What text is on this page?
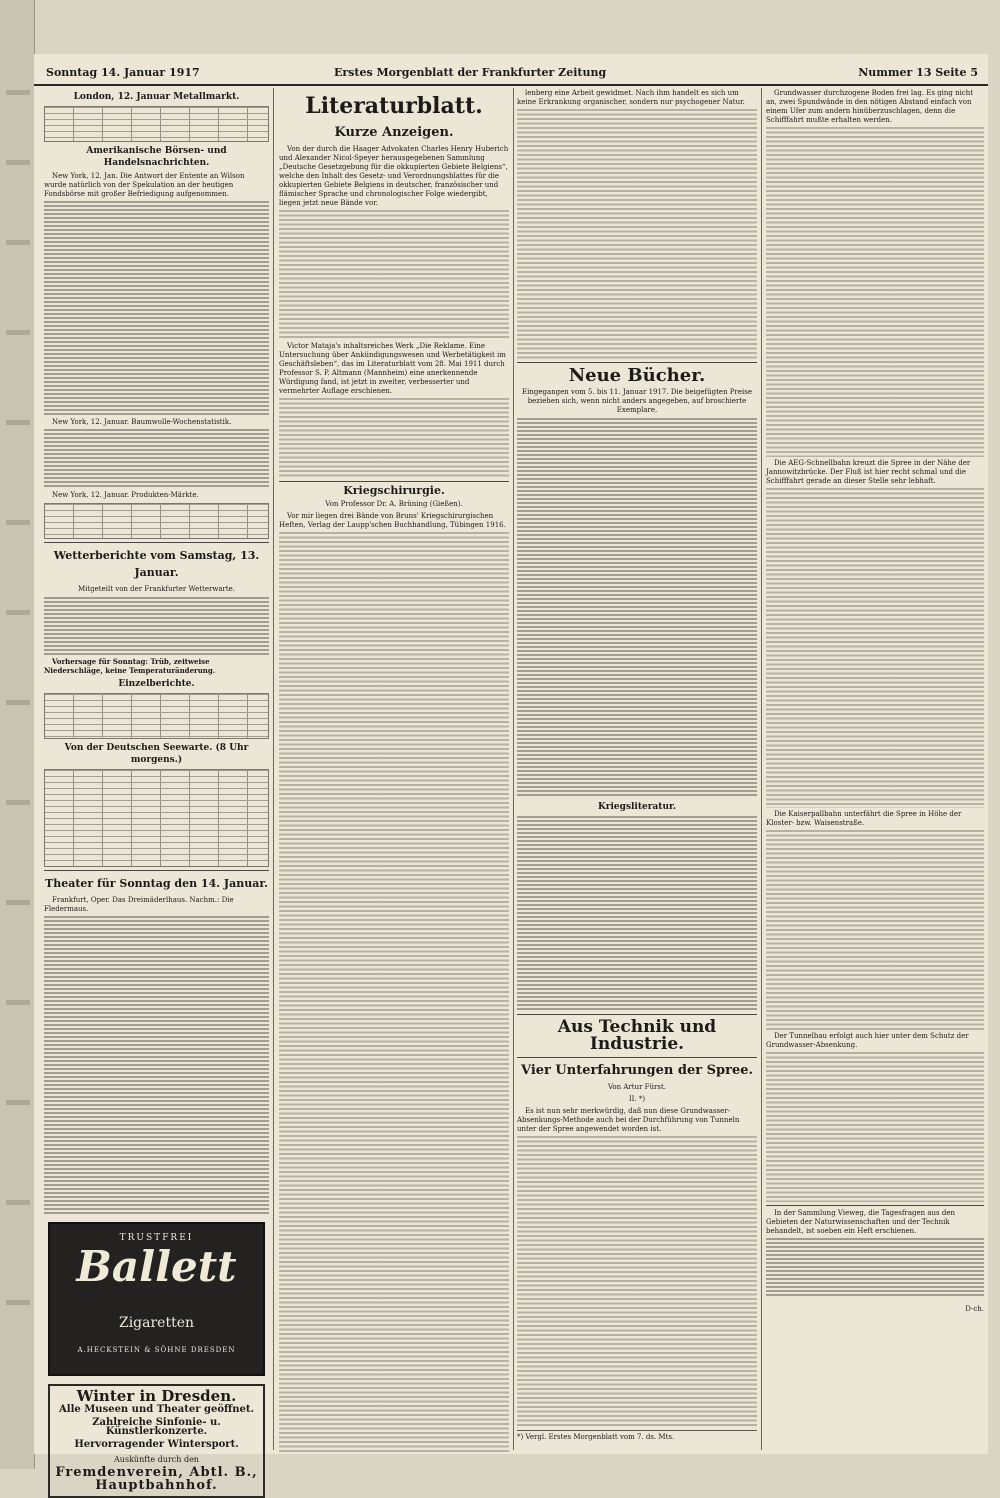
Sonntag 14. Januar 1917	Erstes Morgenblatt der Frankfurter Zeitung	Nummer 13 Seite 5
London, 12. Januar Metallmarkt.
Amerikanische Börsen- und Handelsnachrichten.

New York, 12. Jan. Die Antwort der Entente an Wilson wurde natürlich von der Spekulation an der heutigen Fondsbörse mit großer Befriedigung aufgenommen.

New York, 12. Januar. Baumwolle-Wochenstatistik.

New York, 12. Januar. Produkten-Märkte.

Wetterberichte vom Samstag, 13. Januar.

Mitgeteilt von der Frankfurter Wetterwarte.

Vorhersage für Sonntag: Trüb, zeitweise Niederschläge, keine Temperaturänderung.

Einzelberichte.
Von der Deutschen Seewarte. (8 Uhr morgens.)
Theater für Sonntag den 14. Januar.

Frankfurt, Oper. Das Dreimäderlhaus. Nachm.: Die Fledermaus.

TRUSTFREI
Ballett
Zigaretten
A.HECKSTEIN & SÖHNE DRESDEN
Winter in Dresden.
Alle Museen und Theater geöffnet.
Zahlreiche Sinfonie- u. Künstlerkonzerte.
Hervorragender Wintersport.
Auskünfte durch den
Fremdenverein, Abtl. B.,
Hauptbahnhof.
Literaturblatt.
Kurze Anzeigen.

Von der durch die Haager Advokaten Charles Henry Huberich und Alexander Nicol-Speyer herausgegebenen Sammlung „Deutsche Gesetzgebung für die okkupierten Gebiete Belgiens“, welche den Inhalt des Gesetz- und Verordnungsblattes für die okkupierten Gebiete Belgiens in deutscher, französischer und flämischer Sprache und chronologischer Folge wiedergibt, liegen jetzt neue Bände vor.

Victor Mataja's inhaltsreiches Werk „Die Reklame. Eine Untersuchung über Ankündigungswesen und Werbetätigkeit im Geschäftsleben“, das im Literaturblatt vom 28. Mai 1911 durch Professor S. P. Altmann (Mannheim) eine anerkennende Würdigung fand, ist jetzt in zweiter, verbesserter und vermehrter Auflage erschienen.

Kriegschirurgie.

Von Professor Dr. A. Brüning (Gießen).

Vor mir liegen drei Bände von Bruns' Kriegschirurgischen Heften, Verlag der Laupp'schen Buchhandlung, Tübingen 1916.

lenberg eine Arbeit gewidmet. Nach ihm handelt es sich um keine Erkrankung organischer, sondern nur psychogener Natur.

Neue Bücher.

Eingegangen vom 5. bis 11. Januar 1917. Die beigefügten Preise beziehen sich, wenn nicht anders angegeben, auf broschierte Exemplare.

Kriegsliteratur.
Aus Technik und Industrie.
Vier Unterfahrungen der Spree.

Von Artur Fürst.

II. *)

Es ist nun sehr merkwürdig, daß nun diese Grundwasser-Absenkungs-Methode auch bei der Durchführung von Tunneln unter der Spree angewendet worden ist.

*) Vergl. Erstes Morgenblatt vom 7. ds. Mts.

Grundwasser durchzogene Boden frei lag. Es ging nicht an, zwei Spundwände in den nötigen Abstand einfach von einem Ufer zum andern hinüberzuschlagen, denn die Schifffahrt mußte erhalten werden.

Die AEG-Schnellbahn kreuzt die Spree in der Nähe der Jannowitzbrücke. Der Fluß ist hier recht schmal und die Schifffahrt gerade an dieser Stelle sehr lebhaft.

Die Kaiserpallbahn unterfährt die Spree in Höhe der Kloster- bzw. Waisenstraße.

Der Tunnelbau erfolgt auch hier unter dem Schutz der Grundwasser-Absenkung.

In der Sammlung Vieweg, die Tagesfragen aus den Gebieten der Naturwissenschaften und der Technik behandelt, ist soeben ein Heft erschienen.

D-ch.
